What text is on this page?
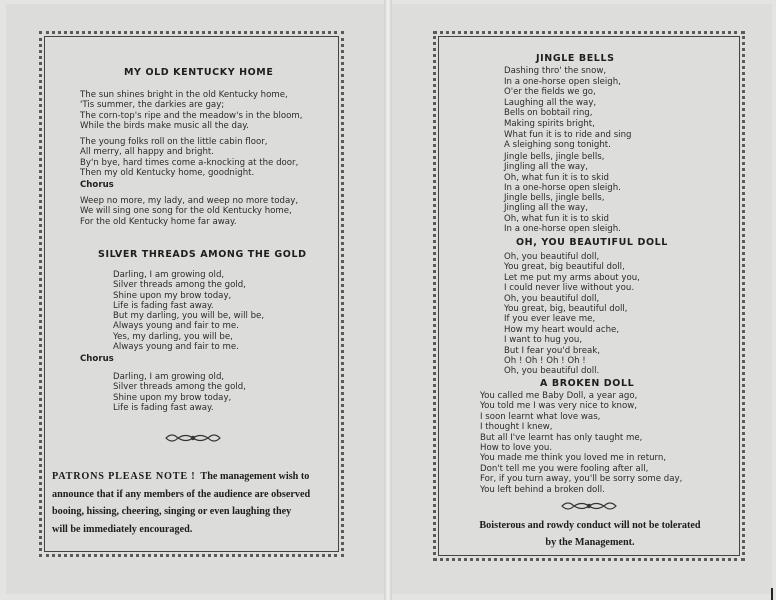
MY OLD KENTUCKY HOME
The sun shines bright in the old Kentucky home,
'Tis summer, the darkies are gay;
The corn-top's ripe and the meadow's in the bloom,
While the birds make music all the day.
The young folks roll on the little cabin floor,
All merry, all happy and bright.
By'n bye, hard times come a-knocking at the door,
Then my old Kentucky home, goodnight.
Chorus
Weep no more, my lady, and weep no more today,
We will sing one song for the old Kentucky home,
For the old Kentucky home far away.
SILVER THREADS AMONG THE GOLD
Darling, I am growing old,
Silver threads among the gold,
Shine upon my brow today,
Life is fading fast away.
But my darling, you will be, will be,
Always young and fair to me.
Yes, my darling, you will be,
Always young and fair to me.
Chorus
Darling, I am growing old,
Silver threads among the gold,
Shine upon my brow today,
Life is fading fast away.
PATRONS PLEASE NOTE ! The management wish to
announce that if any members of the audience are observed
booing, hissing, cheering, singing or even laughing they
will be immediately encouraged.
JINGLE BELLS
Dashing thro' the snow,
In a one-horse open sleigh,
O'er the fields we go,
Laughing all the way,
Bells on bobtail ring,
Making spirits bright,
What fun it is to ride and sing
A sleighing song tonight.
Jingle bells, jingle bells,
Jingling all the way,
Oh, what fun it is to skid
In a one-horse open sleigh.
Jingle bells, jingle bells,
Jingling all the way,
Oh, what fun it is to skid
In a one-horse open sleigh.
OH, YOU BEAUTIFUL DOLL
Oh, you beautiful doll,
You great, big beautiful doll,
Let me put my arms about you,
I could never live without you.
Oh, you beautiful doll,
You great, big, beautiful doll,
If you ever leave me,
How my heart would ache,
I want to hug you,
But I fear you'd break,
Oh ! Oh ! Oh ! Oh !
Oh, you beautiful doll.
A BROKEN DOLL
You called me Baby Doll, a year ago,
You told me I was very nice to know,
I soon learnt what love was,
I thought I knew,
But all I've learnt has only taught me,
How to love you.
You made me think you loved me in return,
Don't tell me you were fooling after all,
For, if you turn away, you'll be sorry some day,
You left behind a broken doll.
Boisterous and rowdy conduct will not be tolerated
by the Management.
